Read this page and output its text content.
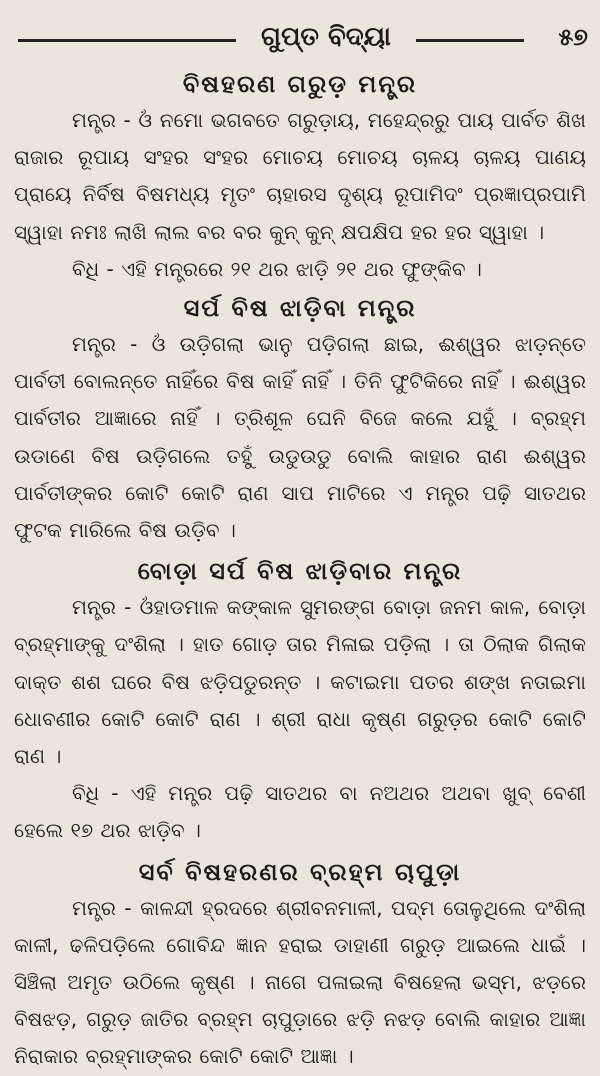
ଗୁପ୍ତ ବିଦ୍ୟା	୫୭
ବିଷହରଣ ଗରୁଡ଼ ମନ୍ତ୍ର

ମନ୍ତ୍ର - ଓଁ ନମୋ ଭଗବତେ ଗରୁଡ଼ାୟ, ମହେନ୍ଦ୍ରରୁ ପାୟ ପାର୍ବତ ଶିଖ ରାଜାର ରୂପାୟ ସଂହର ସଂହର ମୋଚୟ ମୋଚୟ ଚାଳୟ ଚାଳୟ ପାଣୟ ପ୍ରାୟେ ନିର୍ବିଷ ବିଷମଧ୍ୟ ମୃତଂ ଚାହାରସ ଦୃଶ୍ୟ ରୂପାମିଦଂ ପ୍ରଜ୍ଞାପ୍ରପାମି ସ୍ୱାହା ନମଃ ଲାଖି ଲାଲ ବର ବର କୁନ୍ କୁନ୍ କ୍ଷପକ୍ଷିପ ହର ହର ସ୍ୱାହା ।

ବିଧି - ଏହି ମନ୍ତ୍ରରେ ୨୧ ଥର ଝାଡ଼ି ୨୧ ଥର ଫୁଙ୍କିବ ।

ସର୍ପ ବିଷ ଝାଡ଼ିବା ମନ୍ତ୍ର

ମନ୍ତ୍ର - ଓଁ ଉଡ଼ିଗଲା ଭାନୁ ପଡ଼ିଗଲା ଛାଇ, ଈଶ୍ୱର ଝାଡ଼ନ୍ତେ ପାର୍ବତୀ ବୋଲନ୍ତେ ନାହିଁରେ ବିଷ କାହିଁ ନାହିଁ । ତିନି ଫୁଟିକିରେ ନାହିଁ । ଈଶ୍ୱର ପାର୍ବତୀର ଆଜ୍ଞାରେ ନାହିଁ । ତ୍ରିଶୂଳ ଘେନି ବିଜେ କଲେ ଯହୁଁ । ବ୍ରହ୍ମ ଉଡାଣେ ବିଷ ଉଡ଼ିଗଲେ ତହୁଁ ଉଡୁଉଡୁ ବୋଲି କାହାର ରାଣ ଈଶ୍ୱର ପାର୍ବତୀଙ୍କର କୋଟି କୋଟି ରାଣ ସାପ ମାଟିରେ ଏ ମନ୍ତ୍ର ପଢ଼ି ସାତଥର ଫୁଟକ ମାରିଲେ ବିଷ ଉଡ଼ିବ ।

ବୋଡ଼ା ସର୍ପ ବିଷ ଝାଡ଼ିବାର ମନ୍ତ୍ର

ମନ୍ତ୍ର - ଓଁହାଡମାଳ କଙ୍କାଳ ସୁମରଙ୍ଗ ବୋଡ଼ା ଜନମ କାଳ, ବୋଡ଼ା ବ୍ରହ୍ମାଙ୍କୁ ଦଂଶିଲା । ହାତ ଗୋଡ଼ ତାର ମିଳାଇ ପଡ଼ିଲା । ତା ଠିଲାକ ଗିଲାକ ଦାକ୍ତ ଶଶ ଘରେ ବିଷ ଝଡ଼ିପଡୁରନ୍ତ । କଟାଇମା ପତର ଶଙ୍ଖ ନତାଇମା ଧୋବଣୀର କୋଟି କୋଟି ରାଣ । ଶ୍ରୀ ରାଧା କୃଷ୍ଣ ଗରୁଡ଼ର କୋଟି କୋଟି ରାଣ ।

ବିଧି - ଏହି ମନ୍ତ୍ର ପଢ଼ି ସାତଥର ବା ନଅଥର ଅଥବା ଖୁବ୍ ବେଶୀ ହେଲେ ୧୭ ଥର ଝାଡ଼ିବ ।

ସର୍ବ ବିଷହରଣର ବ୍ରହ୍ମ ଚାପୁଡ଼ା

ମନ୍ତ୍ର - କାଳନ୍ଦୀ ହ୍ରଦରେ ଶ୍ରୀବନମାଳୀ, ପଦ୍ମ ତୋଳୁଥିଲେ ଦଂଶିଲା କାଳୀ, ଢଳିପଡ଼ିଲେ ଗୋବିନ୍ଦ ଜ୍ଞାନ ହରାଇ ଡାହାଣୀ ଗରୁଡ଼ ଆଇଲେ ଧାଇଁ । ସିଞ୍ଚିଲା ଅମୃତ ଉଠିଲେ କୃଷ୍ଣ । ନାଗେ ପଳାଇଲା ବିଷହେଲା ଭସ୍ମ, ଝଡ଼ରେ ବିଷଝଡ଼, ଗରୁଡ଼ ଜାତିର ବ୍ରହ୍ମ ଚାପୁଡ଼ାରେ ଝଡ଼ି ନଝଡ଼ ବୋଲି କାହାର ଆଜ୍ଞା ନିରାକାର ବ୍ରହ୍ମାଙ୍କର କୋଟି କୋଟି ଆଜ୍ଞା ।
